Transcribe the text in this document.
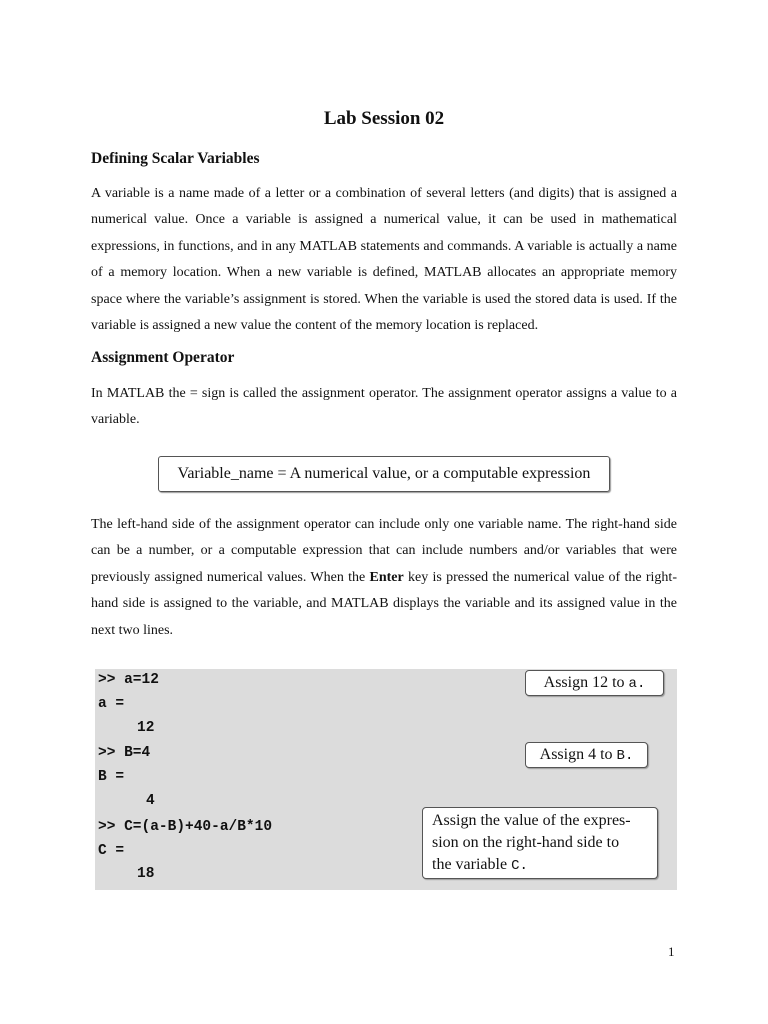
Lab Session 02
Defining Scalar Variables

A variable is a name made of a letter or a combination of several letters (and digits) that is assigned a numerical value. Once a variable is assigned a numerical value, it can be used in mathematical expressions, in functions, and in any MATLAB statements and commands. A variable is actually a name of a memory location. When a new variable is defined, MATLAB allocates an appropriate memory space where the variable’s assignment is stored. When the variable is used the stored data is used. If the variable is assigned a new value the content of the memory location is replaced.

Assignment Operator

In MATLAB the = sign is called the assignment operator. The assignment operator assigns a value to a variable.

Variable_name = A numerical value, or a computable expression

The left-hand side of the assignment operator can include only one variable name. The right-hand side can be a number, or a computable expression that can include numbers and/or variables that were previously assigned numerical values. When the Enter key is pressed the numerical value of the right-hand side is assigned to the variable, and MATLAB displays the variable and its assigned value in the next two lines.

>> a=12
a =
12
>> B=4
B =
4
>> C=(a-B)+40-a/B*10
C =
18
Assign 12 to a.
Assign 4 to B.
Assign the value of the expres-
sion on the right-hand side to
the variable C.
1
